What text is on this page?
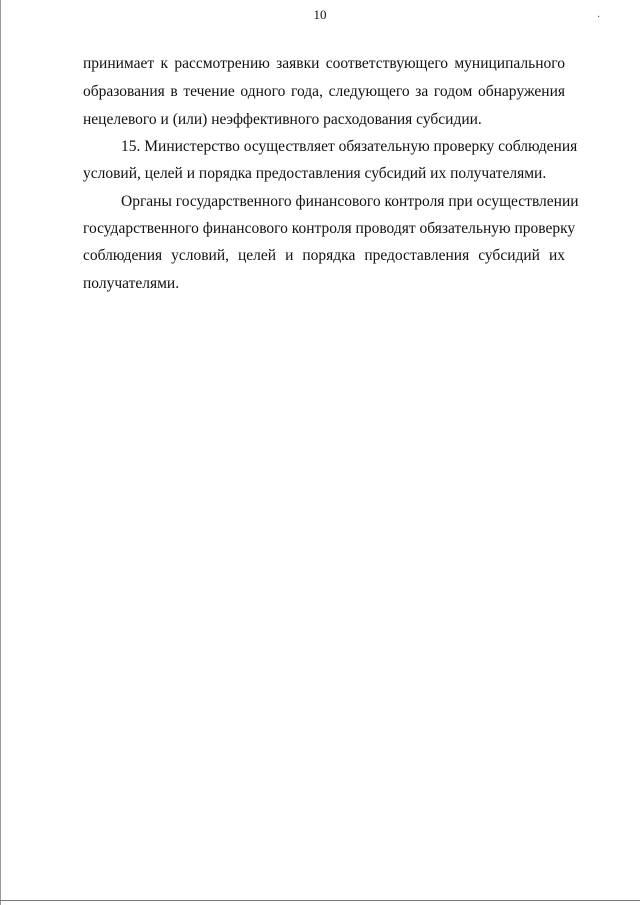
10	·
принимает к рассмотрению заявки соответствующего муниципального
образования в течение одного года, следующего за годом обнаружения
нецелевого и (или) неэффективного расходования субсидии.
15. Министерство осуществляет обязательную проверку соблюдения
условий, целей и порядка предоставления субсидий их получателями.
Органы государственного финансового контроля при осуществлении
государственного финансового контроля проводят обязательную проверку
соблюдения условий, целей и порядка предоставления субсидий их
получателями.
